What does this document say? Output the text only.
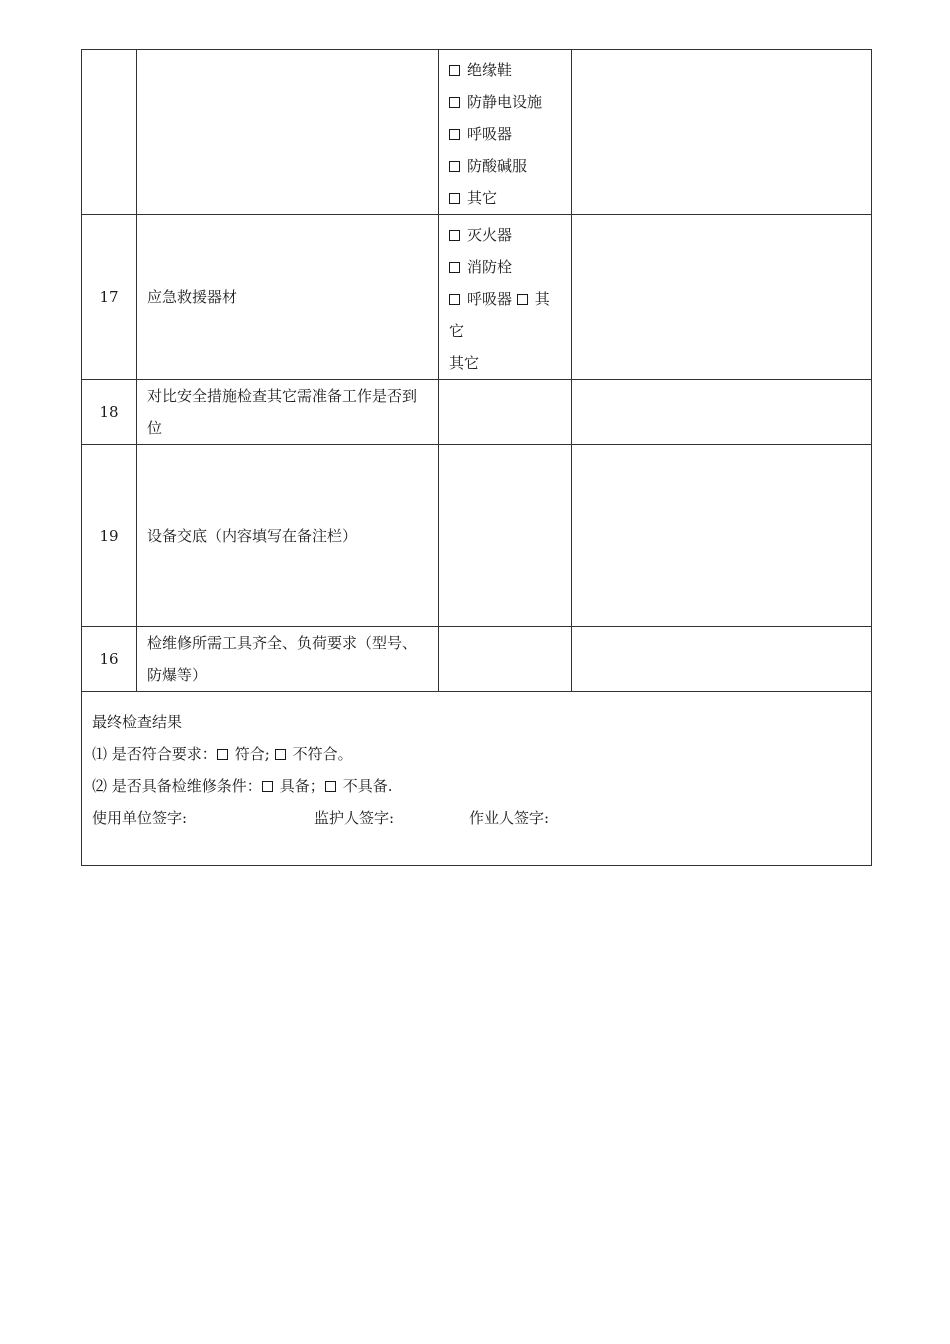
		绝缘鞋
防静电设施
呼吸器
防酸碱服
其它	

17	应急救援器材	灭火器
消防栓
呼吸器 其
它
其它	

18	对比安全措施检查其它需准备工作是否到位		
19	设备交底（内容填写在备注栏）		
16	检维修所需工具齐全、负荷要求（型号、防爆等）		

最终检查结果
⑴ 是否符合要求： 符合; 不符合。
⑵ 是否具备检维修条件： 具备； 不具备.
使用单位签字: 监护人签字: 作业人签字:			
